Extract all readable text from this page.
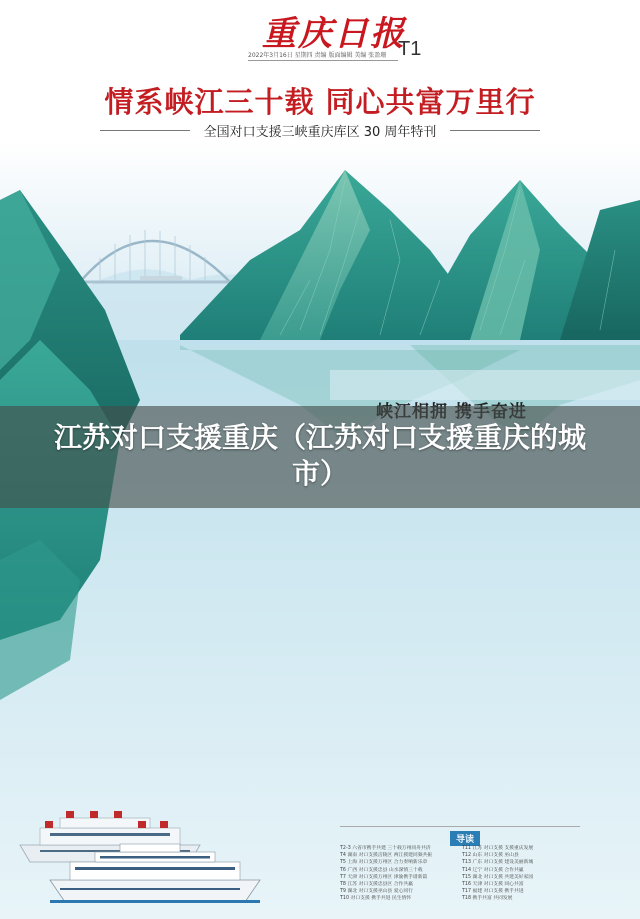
重庆日报
2022年3月16日 星期四 责编 版面编辑 美编 张盈珊 T1
情系峡江三十载 同心共富万里行
全国对口支援三峡重庆库区 30 周年特刊

导读
T2-3 六省市携手共建 三十载万州同舟共济
T4 湖南 对口支援涪陵区 两江援建同频共振
T5 上海 对口支援万州区 合力奏响新乐章
T6 广西 对口支援忠县 山水深情三十载
T7 天津 对口支援万州区 津渝携手谱新篇
T8 江苏 对口支援忠县区 合作共赢
T9 湖北 对口支援巫山县 爱心同行
T10 对口支援 携手共进 民生情怀
T11 江苏 对口支援 支援重庆发展
T12 山东 对口支援 巫山县
T13 广东 对口支援 建设美丽新城
T14 辽宁 对口支援 合作共赢
T15 湖北 对口支援 共建美好家园
T16 天津 对口支援 同心共富
T17 福建 对口支援 携手共进
T18 携手共富 共同发展
江苏对口支援重庆（江苏对口支援重庆的城市）
